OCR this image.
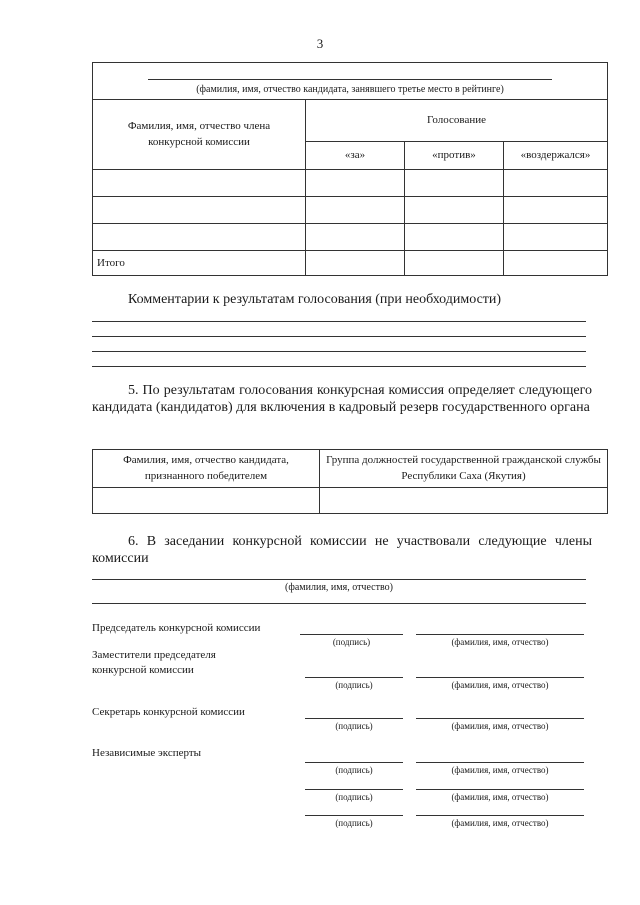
3
(фамилия, имя, отчество кандидата, занявшего третье место в рейтинге)			

Фамилия, имя, отчество члена конкурсной комиссии	Голосование		

	«за»	«против»	«воздержался»

Итого			

Комментарии к результатам голосования (при необходимости)
5. По результатам голосования конкурсная комиссия определяет следующего кандидата (кандидатов) для включения в кадровый резерв государственного органа
Фамилия, имя, отчество кандидата, признанного победителем	Группа должностей государственной гражданской службы Республики Саха (Якутия)

6. В заседании конкурсной комиссии не участвовали следующие члены комиссии
(фамилия, имя, отчество)
Председатель конкурсной комиссии
(подпись)	(фамилия, имя, отчество)
Заместители председателя конкурсной комиссии
(подпись)	(фамилия, имя, отчество)
Секретарь конкурсной комиссии
(подпись)	(фамилия, имя, отчество)
Независимые эксперты
(подпись)	(фамилия, имя, отчество)
(подпись)	(фамилия, имя, отчество)
(подпись)	(фамилия, имя, отчество)
